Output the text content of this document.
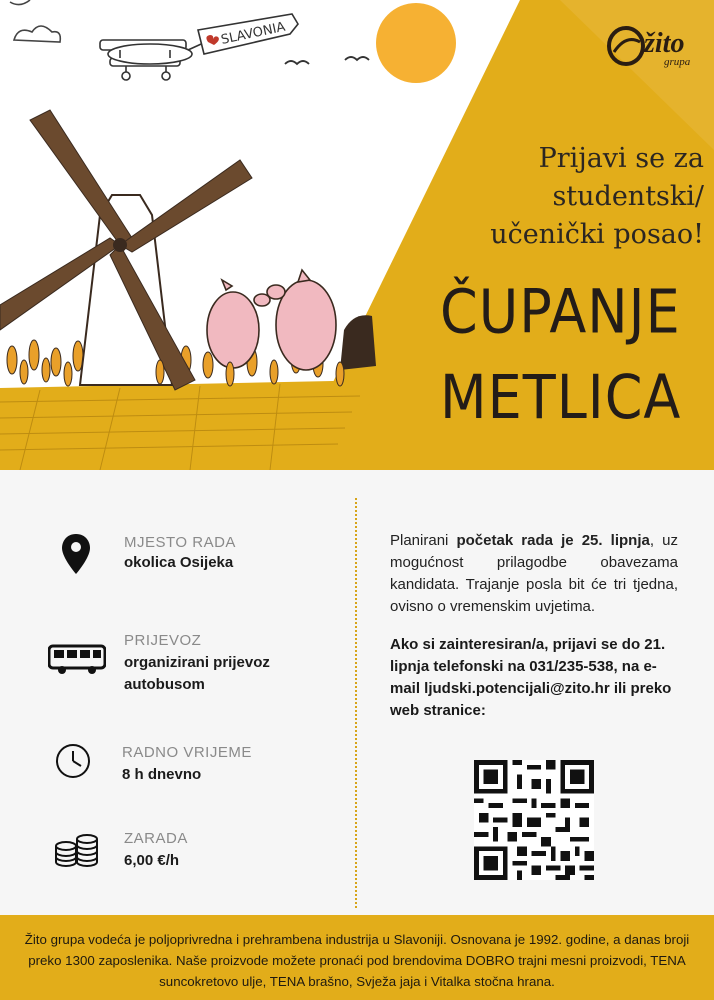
SLAVONIA	žito
grupa
Prijavi se za
studentski/
učenički posao!
ČUPANJE
METLICA
MJESTO RADA
okolica Osijeka
PRIJEVOZ
organizirani prijevoz autobusom
RADNO VRIJEME
8 h dnevno
ZARADA
6,00 €/h
Planirani početak rada je 25. lipnja, uz mogućnost prilagodbe obavezama kandidata. Trajanje posla bit će tri tjedna, ovisno o vremenskim uvjetima.
Ako si zainteresiran/a, prijavi se do 21. lipnja telefonski na 031/235-538, na e-mail ljudski.potencijali@zito.hr ili preko web stranice:

Žito grupa vodeća je poljoprivredna i prehrambena industrija u Slavoniji. Osnovana je 1992. godine, a danas broji preko 1300 zaposlenika. Naše proizvode možete pronaći pod brendovima DOBRO trajni mesni proizvodi, TENA suncokretovo ulje, TENA brašno, Svježa jaja i Vitalka stočna hrana.
